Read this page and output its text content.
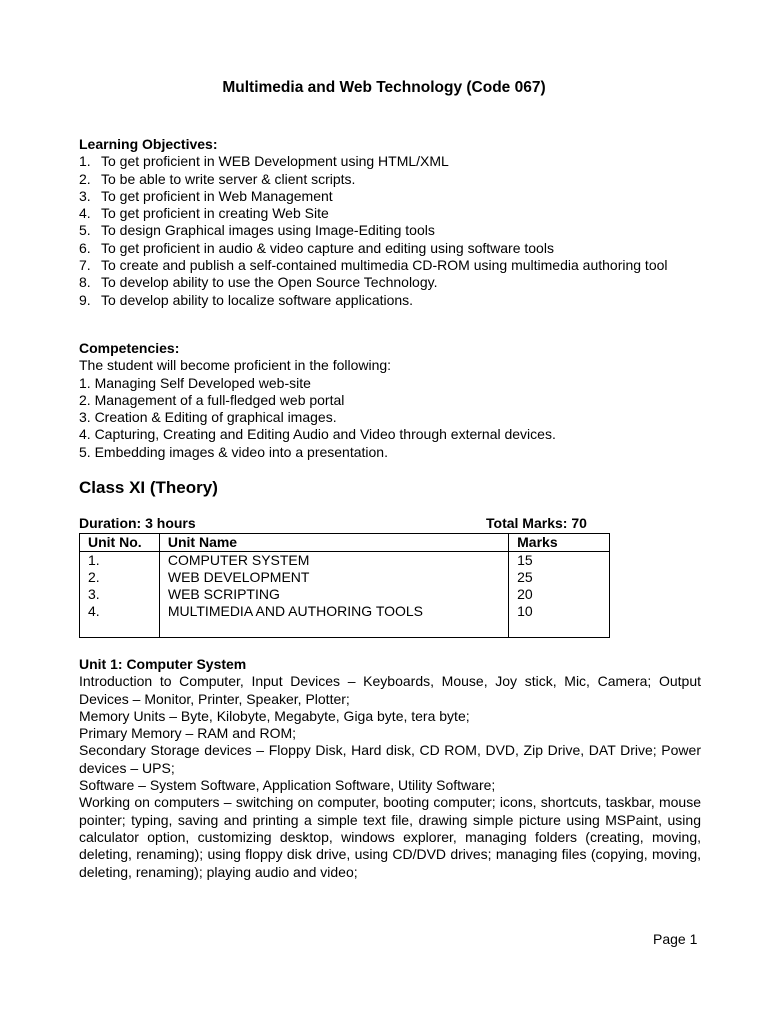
Multimedia and Web Technology (Code 067)
Learning Objectives:
1. To get proficient in WEB Development using HTML/XML
2. To be able to write server & client scripts.
3. To get proficient in Web Management
4. To get proficient in creating Web Site
5. To design Graphical images using Image-Editing tools
6. To get proficient in audio & video capture and editing using software tools
7. To create and publish a self-contained multimedia CD-ROM using multimedia authoring tool
8. To develop ability to use the Open Source Technology.
9. To develop ability to localize software applications.
Competencies:
The student will become proficient in the following:
1. Managing Self Developed web-site
2. Management of a full-fledged web portal
3. Creation & Editing of graphical images.
4. Capturing, Creating and Editing Audio and Video through external devices.
5. Embedding images & video into a presentation.
Class XI (Theory)
Duration: 3 hours	Total Marks: 70
Unit No.	Unit Name	Marks
1.	COMPUTER SYSTEM	15
2.	WEB DEVELOPMENT	25
3.	WEB SCRIPTING	20
4.	MULTIMEDIA AND AUTHORING TOOLS	10
Unit 1: Computer System
Introduction to Computer, Input Devices – Keyboards, Mouse, Joy stick, Mic, Camera; Output Devices – Monitor, Printer, Speaker, Plotter;
Memory Units – Byte, Kilobyte, Megabyte, Giga byte, tera byte;
Primary Memory – RAM and ROM;
Secondary Storage devices – Floppy Disk, Hard disk, CD ROM, DVD, Zip Drive, DAT Drive; Power devices – UPS;
Software – System Software, Application Software, Utility Software;
Working on computers – switching on computer, booting computer; icons, shortcuts, taskbar, mouse pointer; typing, saving and printing a simple text file, drawing simple picture using MSPaint, using calculator option, customizing desktop, windows explorer, managing folders (creating, moving, deleting, renaming); using floppy disk drive, using CD/DVD drives; managing files (copying, moving, deleting, renaming); playing audio and video;
Page 1
